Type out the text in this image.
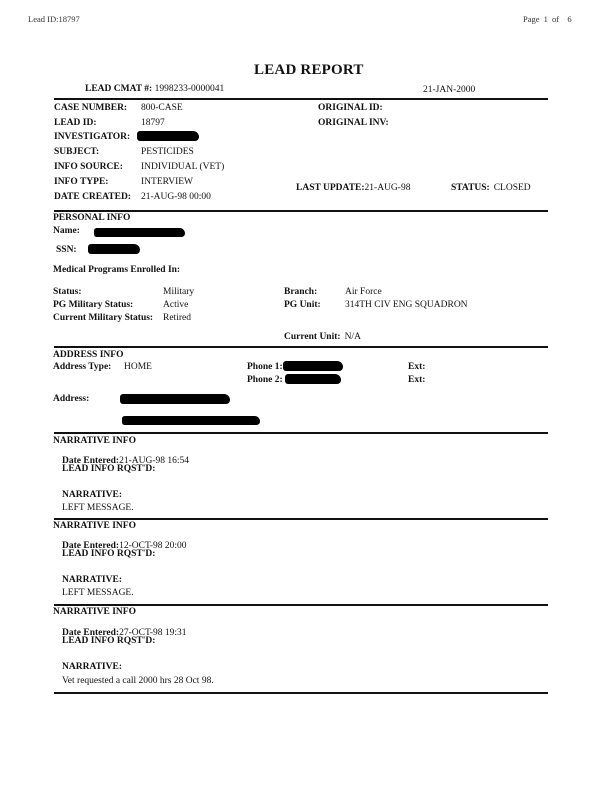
Lead ID:18797	Page 1 of 6
LEAD REPORT
LEAD CMAT #: 1998233-0000041	21-JAN-2000
CASE NUMBER: 800-CASE	ORIGINAL ID:
LEAD ID:	18797	ORIGINAL INV:
INVESTIGATOR:
SUBJECT:	PESTICIDES
INFO SOURCE: INDIVIDUAL (VET)
INFO TYPE:	INTERVIEW
LAST UPDATE:21-AUG-98	STATUS: CLOSED
DATE CREATED: 21-AUG-98 00:00
PERSONAL INFO
Name:
SSN:
Medical Programs Enrolled In:
Status:	Military	Branch:	Air Force
PG Military Status:	Active	PG Unit:	314TH CIV ENG SQUADRON
Current Military Status: Retired
Current Unit: N/A
ADDRESS INFO
Address Type: HOME	Phone 1:	Ext:
Phone 2:	Ext:
Address:
NARRATIVE INFO
Date Entered:21-AUG-98 16:54
LEAD INFO RQST'D:
NARRATIVE:
LEFT MESSAGE.
NARRATIVE INFO
Date Entered:12-OCT-98 20:00
LEAD INFO RQST'D:
NARRATIVE:
LEFT MESSAGE.
NARRATIVE INFO
Date Entered:27-OCT-98 19:31
LEAD INFO RQST'D:
NARRATIVE:
Vet requested a call 2000 hrs 28 Oct 98.
